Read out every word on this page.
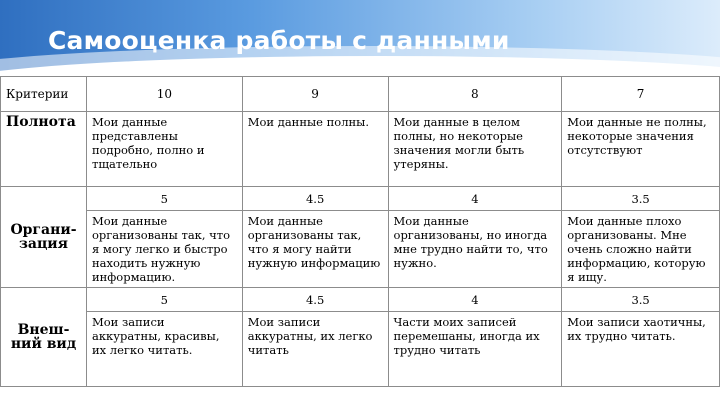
Самооценка работы с данными
Критерии	10	9	8	7
Полнота	Мои данные представлены подробно, полно и тщательно	Мои данные полны.	Мои данные в целом полны, но некоторые значения могли быть утеряны.	Мои данные не полны, некоторые значения отсутствуют
Органи-зация	5	4.5	4	3.5
	Мои данные организованы так, что я могу легко и быстро находить нужную информацию.	Мои данные организованы так, что я могу найти нужную информацию	Мои данные организованы, но иногда мне трудно найти то, что нужно.	Мои данные плохо организованы. Мне очень сложно найти информацию, которую я ищу.
Внеш-ний вид	5	4.5	4	3.5
	Мои записи аккуратны, красивы, их легко читать.	Мои записи аккуратны, их легко читать	Части моих записей перемешаны, иногда их трудно читать	Мои записи хаотичны, их трудно читать.
